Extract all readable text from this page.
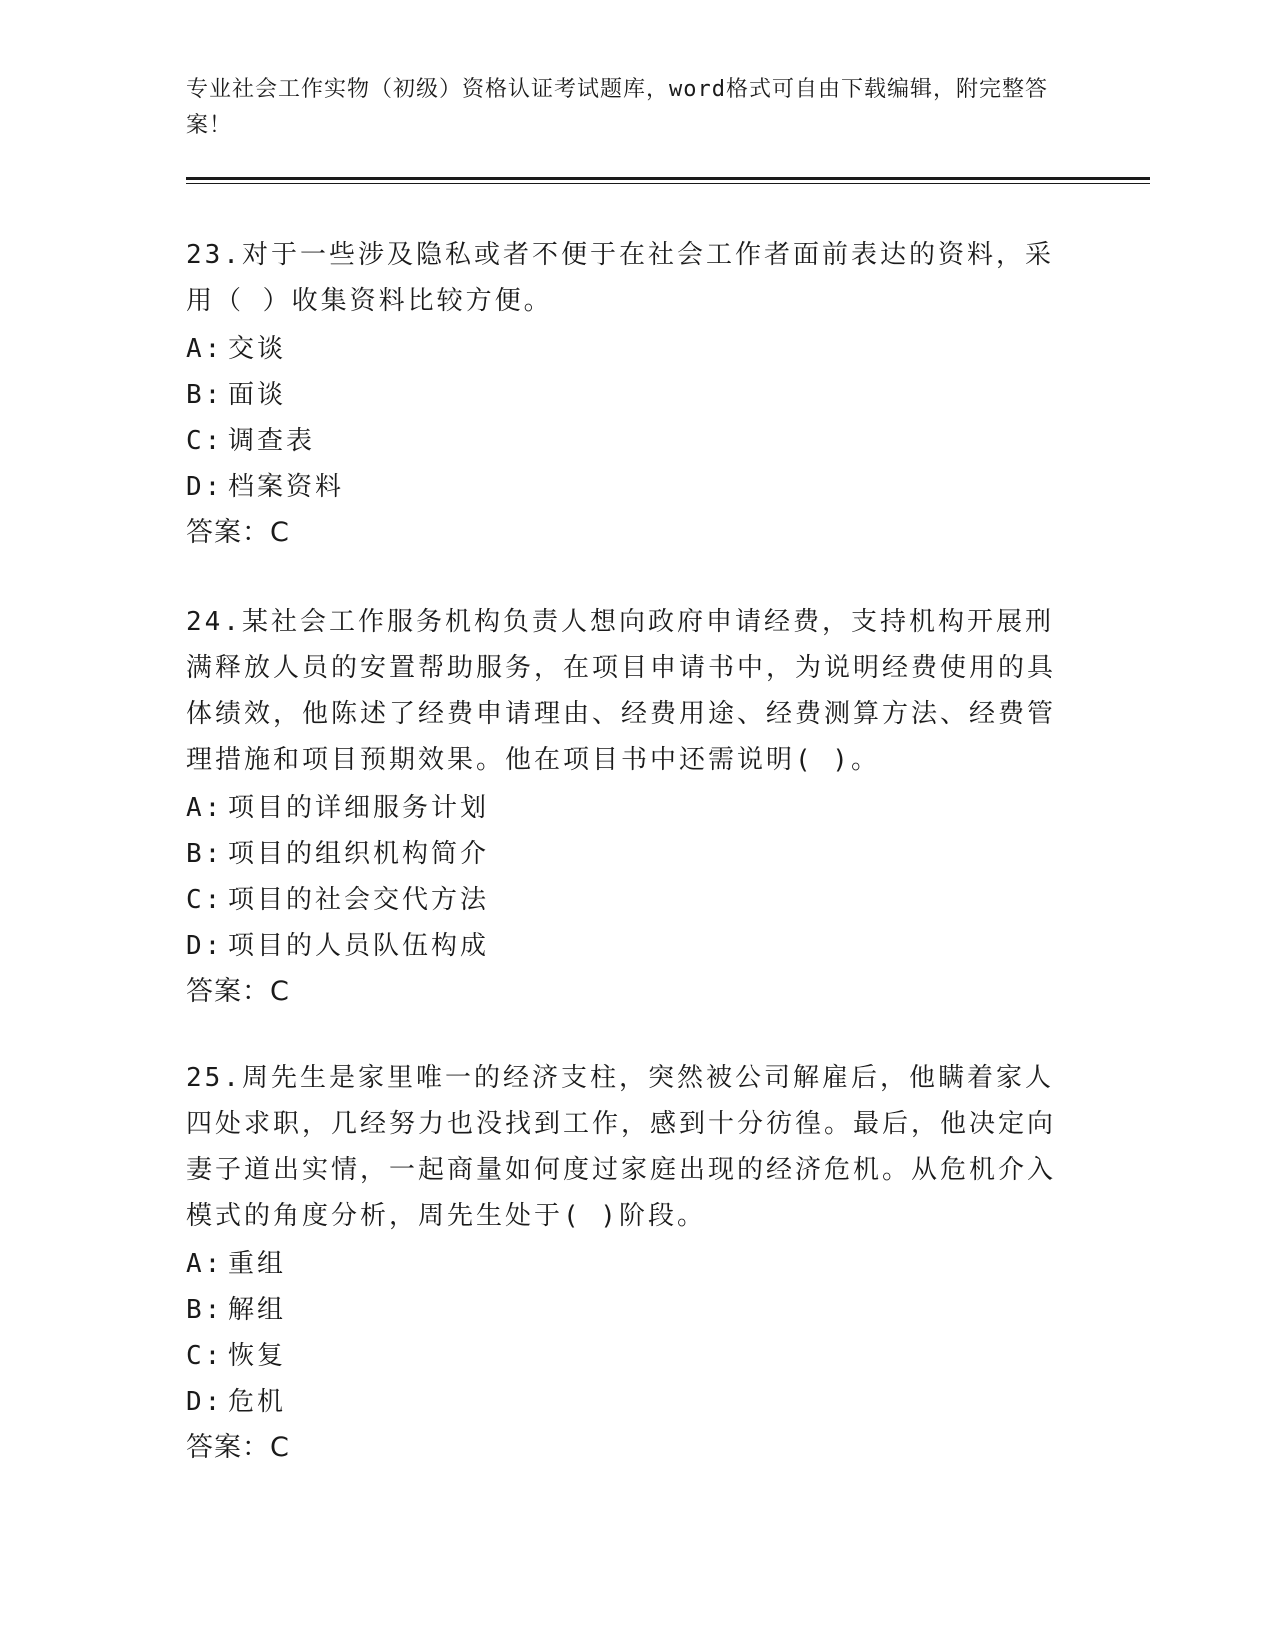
专业社会工作实物（初级）资格认证考试题库，word格式可自由下载编辑，附完整答案！
23.对于一些涉及隐私或者不便于在社会工作者面前表达的资料，采用（ ）收集资料比较方便。
A: 交谈
B: 面谈
C: 调查表
D: 档案资料
答案：C
24.某社会工作服务机构负责人想向政府申请经费，支持机构开展刑满释放人员的安置帮助服务，在项目申请书中，为说明经费使用的具体绩效，他陈述了经费申请理由、经费用途、经费测算方法、经费管理措施和项目预期效果。他在项目书中还需说明( )。
A: 项目的详细服务计划
B: 项目的组织机构简介
C: 项目的社会交代方法
D: 项目的人员队伍构成
答案：C
25.周先生是家里唯一的经济支柱，突然被公司解雇后，他瞒着家人四处求职，几经努力也没找到工作，感到十分彷徨。最后，他决定向妻子道出实情，一起商量如何度过家庭出现的经济危机。从危机介入模式的角度分析，周先生处于( )阶段。
A: 重组
B: 解组
C: 恢复
D: 危机
答案：C
